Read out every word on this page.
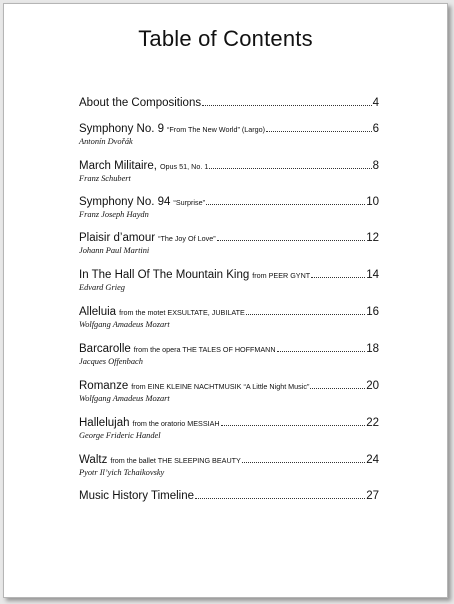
Table of Contents
About the Compositions	4
Symphony No. 9 “From The New World” (Largo)	6
Antonín Dvořák
March Militaire, Opus 51, No. 1	8
Franz Schubert
Symphony No. 94 “Surprise”	10
Franz Joseph Haydn
Plaisir d’amour “The Joy Of Love”	12
Johann Paul Martini
In The Hall Of The Mountain King from PEER GYNT	14
Edvard Grieg
Alleluia from the motet EXSULTATE, JUBILATE	16
Wolfgang Amadeus Mozart
Barcarolle from the opera THE TALES OF HOFFMANN	18
Jacques Offenbach
Romanze from EINE KLEINE NACHTMUSIK “A Little Night Music”	20
Wolfgang Amadeus Mozart
Hallelujah from the oratorio MESSIAH	22
George Frideric Handel
Waltz from the ballet THE SLEEPING BEAUTY	24
Pyotr Il’yich Tchaikovsky
Music History Timeline	27
